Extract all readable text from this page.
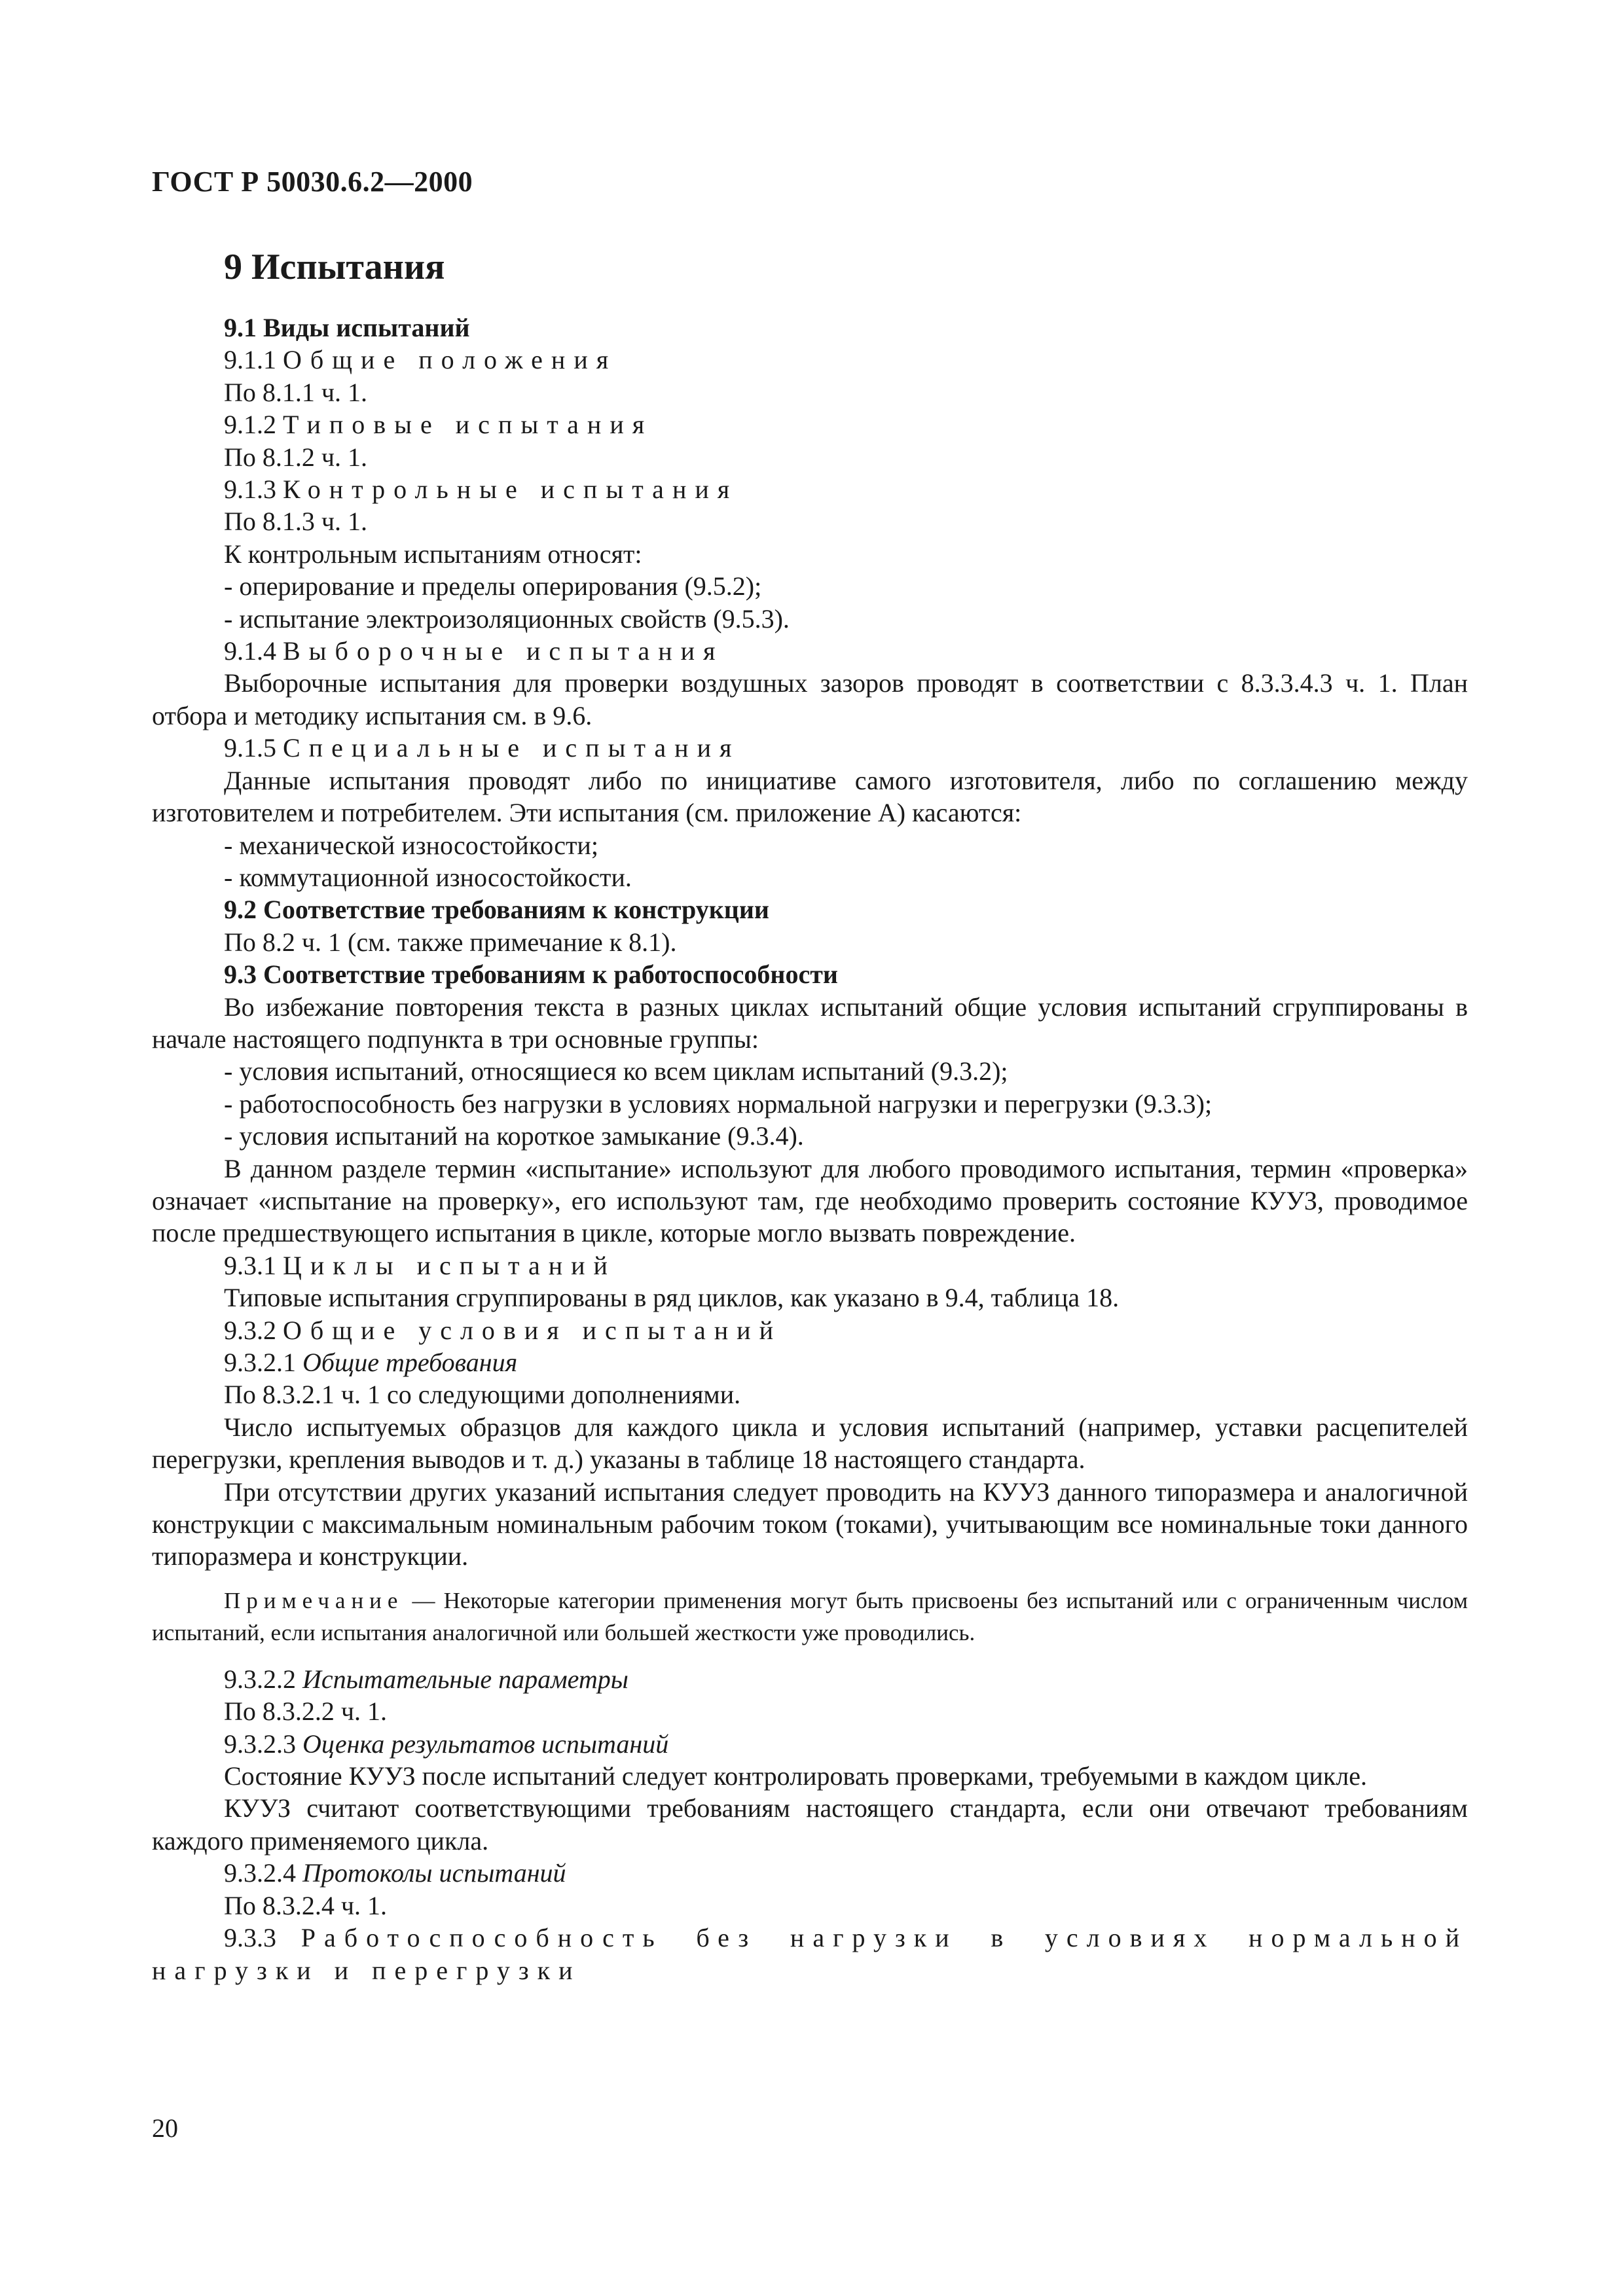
ГОСТ Р 50030.6.2—2000

9 Испытания

9.1 Виды испытаний

9.1.1 Общие положения

По 8.1.1 ч. 1.

9.1.2 Типовые испытания

По 8.1.2 ч. 1.

9.1.3 Контрольные испытания

По 8.1.3 ч. 1.

К контрольным испытаниям относят:

- оперирование и пределы оперирования (9.5.2);

- испытание электроизоляционных свойств (9.5.3).

9.1.4 Выборочные испытания

Выборочные испытания для проверки воздушных зазоров проводят в соответствии с 8.3.3.4.3 ч. 1. План отбора и методику испытания см. в 9.6.

9.1.5 Специальные испытания

Данные испытания проводят либо по инициативе самого изготовителя, либо по соглашению между изготовителем и потребителем. Эти испытания (см. приложение А) касаются:

- механической износостойкости;

- коммутационной износостойкости.

9.2 Соответствие требованиям к конструкции

По 8.2 ч. 1 (см. также примечание к 8.1).

9.3 Соответствие требованиям к работоспособности

Во избежание повторения текста в разных циклах испытаний общие условия испытаний сгруппированы в начале настоящего подпункта в три основные группы:

- условия испытаний, относящиеся ко всем циклам испытаний (9.3.2);

- работоспособность без нагрузки в условиях нормальной нагрузки и перегрузки (9.3.3);

- условия испытаний на короткое замыкание (9.3.4).

В данном разделе термин «испытание» используют для любого проводимого испытания, термин «проверка» означает «испытание на проверку», его используют там, где необходимо проверить состояние КУУЗ, проводимое после предшествующего испытания в цикле, которые могло вызвать повреждение.

9.3.1 Циклы испытаний

Типовые испытания сгруппированы в ряд циклов, как указано в 9.4, таблица 18.

9.3.2 Общие условия испытаний

9.3.2.1 Общие требования

По 8.3.2.1 ч. 1 со следующими дополнениями.

Число испытуемых образцов для каждого цикла и условия испытаний (например, уставки расцепителей перегрузки, крепления выводов и т. д.) указаны в таблице 18 настоящего стандарта.

При отсутствии других указаний испытания следует проводить на КУУЗ данного типоразмера и аналогичной конструкции с максимальным номинальным рабочим током (токами), учитывающим все номинальные токи данного типоразмера и конструкции.

Примечание — Некоторые категории применения могут быть присвоены без испытаний или с ограниченным числом испытаний, если испытания аналогичной или большей жесткости уже проводились.

9.3.2.2 Испытательные параметры

По 8.3.2.2 ч. 1.

9.3.2.3 Оценка результатов испытаний

Состояние КУУЗ после испытаний следует контролировать проверками, требуемыми в каждом цикле.

КУУЗ считают соответствующими требованиям настоящего стандарта, если они отвечают требованиям каждого применяемого цикла.

9.3.2.4 Протоколы испытаний

По 8.3.2.4 ч. 1.

9.3.3 Работоспособность без нагрузки в условиях нормальной нагрузки и перегрузки

20
